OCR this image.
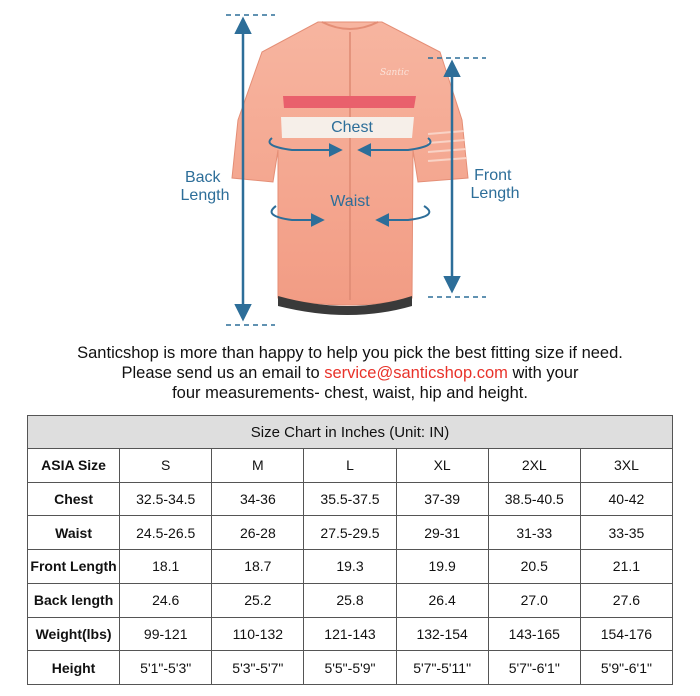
Santic
Back Length
Front Length
Chest
Waist
Santicshop is more than happy to help you pick the best fitting size if need.
Please send us an email to service@santicshop.com with your
four measurements- chest, waist, hip and height.
Size Chart in Inches (Unit: IN)						
ASIA Size	S	M	L	XL	2XL	3XL
Chest	32.5-34.5	34-36	35.5-37.5	37-39	38.5-40.5	40-42
Waist	24.5-26.5	26-28	27.5-29.5	29-31	31-33	33-35
Front Length	18.1	18.7	19.3	19.9	20.5	21.1
Back length	24.6	25.2	25.8	26.4	27.0	27.6
Weight(lbs)	99-121	110-132	121-143	132-154	143-165	154-176
Height	5'1"-5'3"	5'3"-5'7"	5'5"-5'9"	5'7"-5'11"	5'7"-6'1"	5'9"-6'1"
